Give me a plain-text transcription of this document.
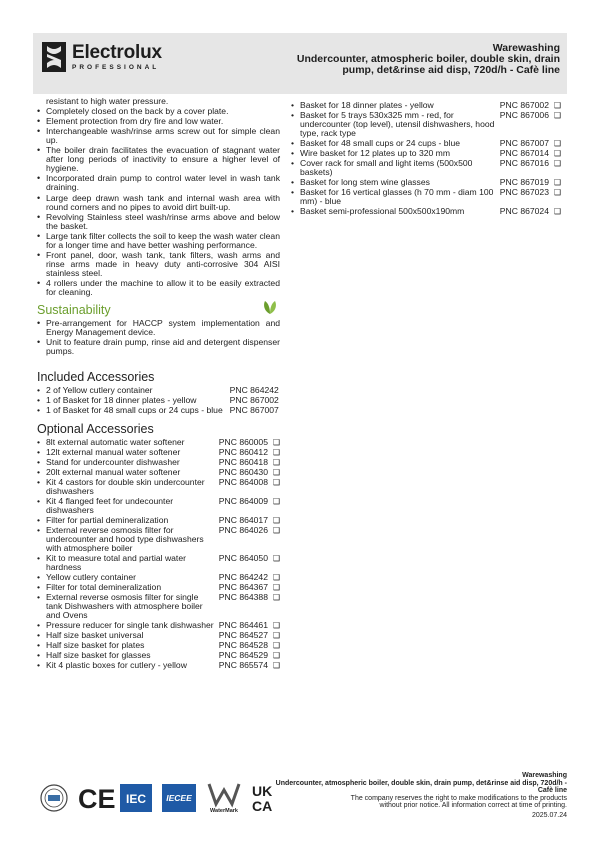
Electrolux
PROFESSIONAL
Warewashing
Undercounter, atmospheric boiler, double skin, drain pump, det&rinse aid disp, 720d/h - Cafè line
resistant to high water pressure.
• Completely closed on the back by a cover plate.
• Element protection from dry fire and low water.
• Interchangeable wash/rinse arms screw out for simple clean up.
• The boiler drain facilitates the evacuation of stagnant water after long periods of inactivity to ensure a higher level of hygiene.
• Incorporated drain pump to control water level in wash tank draining.
• Large deep drawn wash tank and internal wash area with round corners and no pipes to avoid dirt built-up.
• Revolving Stainless steel wash/rinse arms above and below the basket.
• Large tank filter collects the soil to keep the wash water clean for a longer time and have better washing performance.
• Front panel, door, wash tank, tank filters, wash arms and rinse arms made in heavy duty anti-corrosive 304 AISI stainless steel.
• 4 rollers under the machine to allow it to be easily extracted for cleaning.
Sustainability
• Pre-arrangement for HACCP system implementation and Energy Management device.
• Unit to feature drain pump, rinse aid and detergent dispenser pumps.
Included Accessories
•	2 of Yellow cutlery container	PNC 864242
•	1 of Basket for 18 dinner plates - yellow	PNC 867002
•	1 of Basket for 48 small cups or 24 cups - blue	PNC 867007
Optional Accessories
•	8lt external automatic water softener	PNC 860005	❑
•	12lt external manual water softener	PNC 860412	❑
•	Stand for undercounter dishwasher	PNC 860418	❑
•	20lt external manual water softener	PNC 860430	❑
•	Kit 4 castors for double skin undercounter dishwashers	PNC 864008	❑
•	Kit 4 flanged feet for undecounter dishwashers	PNC 864009	❑
•	Filter for partial demineralization	PNC 864017	❑
•	External reverse osmosis filter for undercounter and hood type dishwashers with atmosphere boiler	PNC 864026	❑
•	Kit to measure total and partial water hardness	PNC 864050	❑
•	Yellow cutlery container	PNC 864242	❑
•	Filter for total demineralization	PNC 864367	❑
•	External reverse osmosis filter for single tank Dishwashers with atmosphere boiler and Ovens	PNC 864388	❑
•	Pressure reducer for single tank dishwasher	PNC 864461	❑
•	Half size basket universal	PNC 864527	❑
•	Half size basket for plates	PNC 864528	❑
•	Half size basket for glasses	PNC 864529	❑
•	Kit 4 plastic boxes for cutlery - yellow	PNC 865574	❑
•	Basket for 18 dinner plates - yellow	PNC 867002	❑
•	Basket for 5 trays 530x325 mm - red, for undercounter (top level), utensil dishwashers, hood type, rack type	PNC 867006	❑
•	Basket for 48 small cups or 24 cups - blue	PNC 867007	❑
•	Wire basket for 12 plates up to 320 mm	PNC 867014	❑
•	Cover rack for small and light items (500x500 baskets)	PNC 867016	❑
•	Basket for long stem wine glasses	PNC 867019	❑
•	Basket for 16 vertical glasses (h 70 mm - diam 100 mm) - blue	PNC 867023	❑
•	Basket semi-professional 500x500x190mm	PNC 867024	❑
CE IEC IECEE
WaterMark
UK
CA
Warewashing
Undercounter, atmospheric boiler, double skin, drain pump, det&rinse aid disp, 720d/h - Cafè line
The company reserves the right to make modifications to the products
without prior notice. All information correct at time of printing.
2025.07.24
